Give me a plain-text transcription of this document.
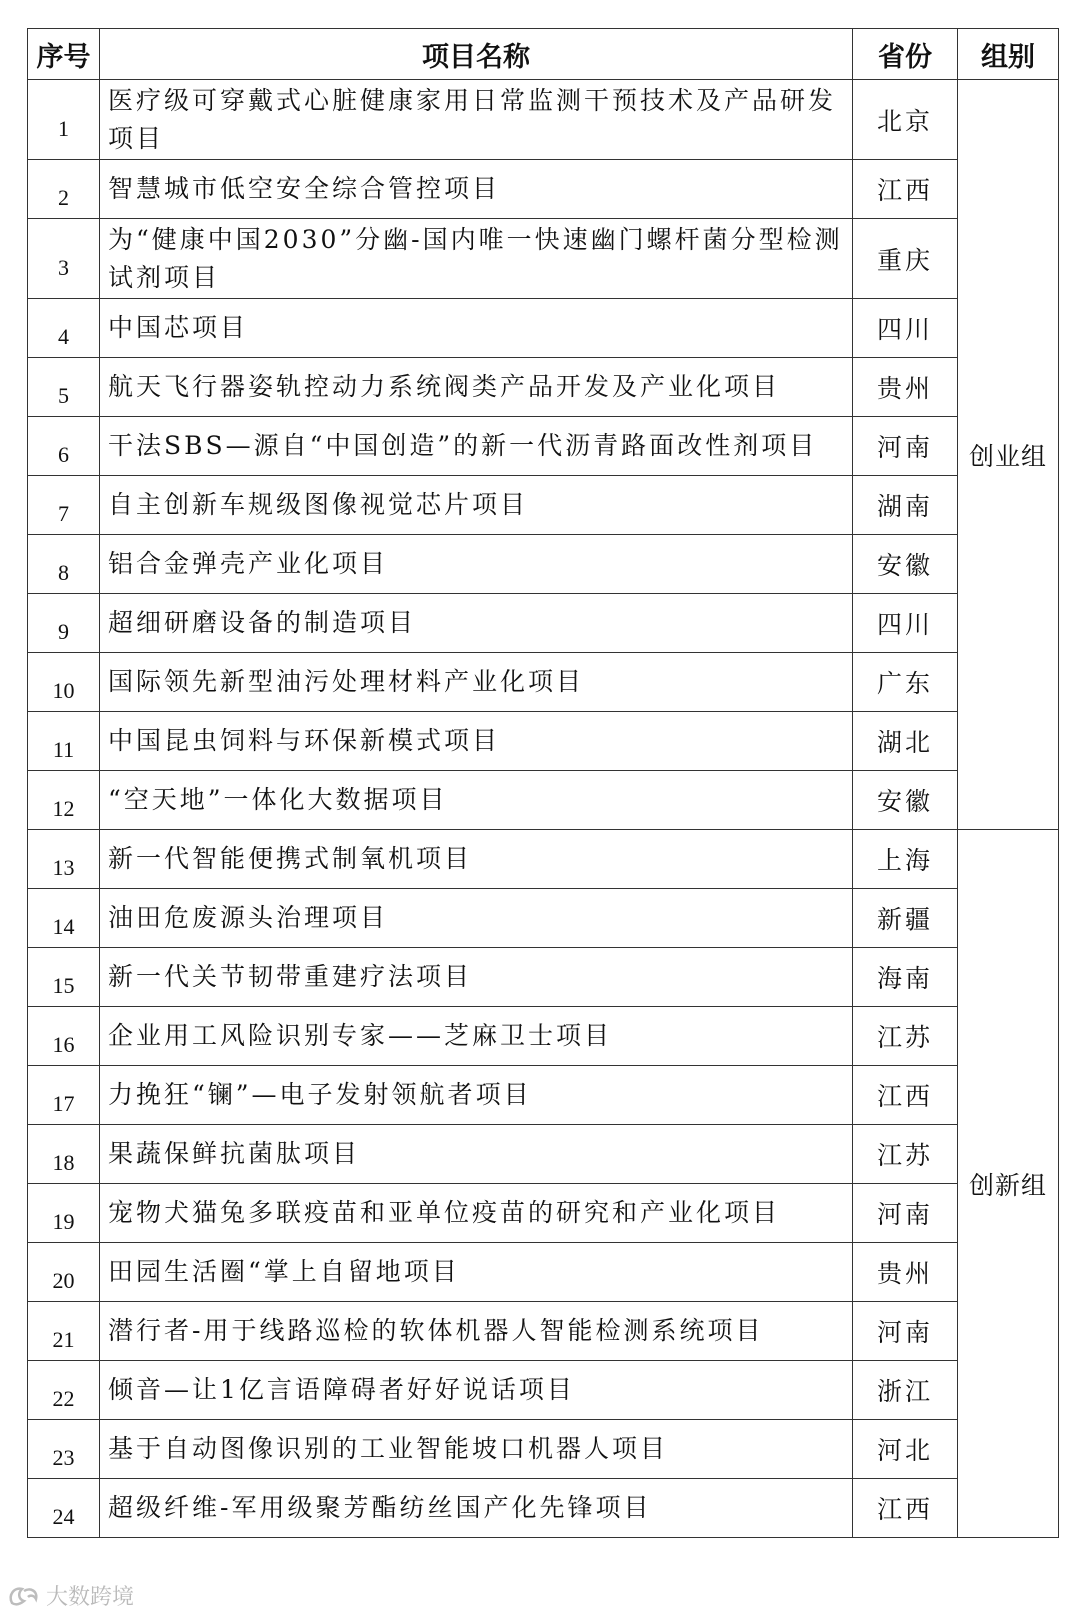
序号	项目名称	省份	组别
1	医疗级可穿戴式心脏健康家用日常监测干预技术及产品研发项目	北京	创业组
2	智慧城市低空安全综合管控项目	江西	
3	为“健康中国2030”分幽-国内唯一快速幽门螺杆菌分型检测试剂项目	重庆	
4	中国芯项目	四川	
5	航天飞行器姿轨控动力系统阀类产品开发及产业化项目	贵州	
6	干法SBS—源自“中国创造”的新一代沥青路面改性剂项目	河南	
7	自主创新车规级图像视觉芯片项目	湖南	
8	铝合金弹壳产业化项目	安徽	
9	超细研磨设备的制造项目	四川	
10	国际领先新型油污处理材料产业化项目	广东	
11	中国昆虫饲料与环保新模式项目	湖北	
12	“空天地”一体化大数据项目	安徽	
13	新一代智能便携式制氧机项目	上海	创新组
14	油田危废源头治理项目	新疆	
15	新一代关节韧带重建疗法项目	海南	
16	企业用工风险识别专家——芝麻卫士项目	江苏	
17	力挽狂“镧”—电子发射领航者项目	江西	
18	果蔬保鲜抗菌肽项目	江苏	
19	宠物犬猫兔多联疫苗和亚单位疫苗的研究和产业化项目	河南	
20	田园生活圈“掌上自留地项目	贵州	
21	潜行者-用于线路巡检的软体机器人智能检测系统项目	河南	
22	倾音—让1亿言语障碍者好好说话项目	浙江	
23	基于自动图像识别的工业智能坡口机器人项目	河北	
24	超级纤维-军用级聚芳酯纺丝国产化先锋项目	江西	
大数跨境
